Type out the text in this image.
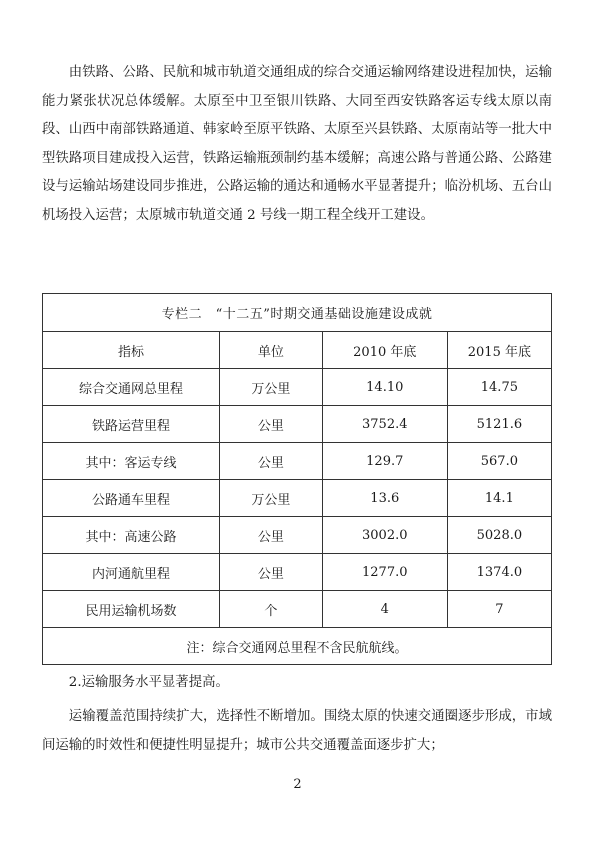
由铁路、公路、民航和城市轨道交通组成的综合交通运输网络建设进程加快，运输能力紧张状况总体缓解。太原至中卫至银川铁路、大同至西安铁路客运专线太原以南段、山西中南部铁路通道、韩家岭至原平铁路、太原至兴县铁路、太原南站等一批大中型铁路项目建成投入运营，铁路运输瓶颈制约基本缓解；高速公路与普通公路、公路建设与运输站场建设同步推进，公路运输的通达和通畅水平显著提升；临汾机场、五台山机场投入运营；太原城市轨道交通 2 号线一期工程全线开工建设。

专栏二　“十二五”时期交通基础设施建设成就			
指标	单位	2010 年底	2015 年底
综合交通网总里程	万公里	14.10	14.75
铁路运营里程	公里	3752.4	5121.6
其中：客运专线	公里	129.7	567.0
公路通车里程	万公里	13.6	14.1
其中：高速公路	公里	3002.0	5028.0
内河通航里程	公里	1277.0	1374.0
民用运输机场数	个	4	7
注：综合交通网总里程不含民航航线。			

2.运输服务水平显著提高。

运输覆盖范围持续扩大，选择性不断增加。围绕太原的快速交通圈逐步形成，市域间运输的时效性和便捷性明显提升；城市公共交通覆盖面逐步扩大；

2
